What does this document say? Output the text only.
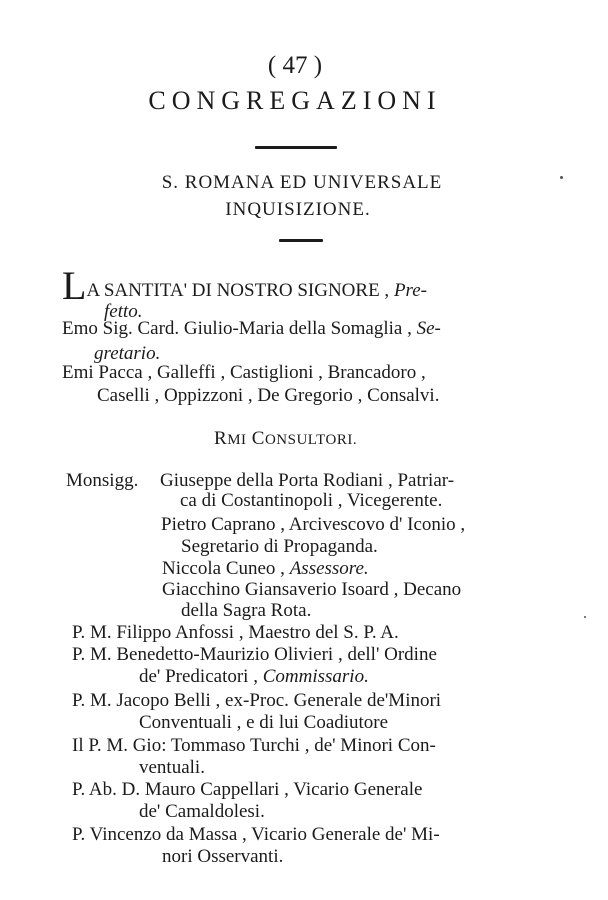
( 47 )
CONGREGAZIONI
S. ROMANA ED UNIVERSALE
INQUISIZIONE.
LA SANTITA' DI NOSTRO SIGNORE , Pre-
fetto.
Emo Sig. Card. Giulio-Maria della Somaglia , Se-
gretario.
Emi Pacca , Galleffi , Castiglioni , Brancadoro ,
Caselli , Oppizzoni , De Gregorio , Consalvi.
RMI CONSULTORI.
Monsigg. Giuseppe della Porta Rodiani , Patriar-
ca di Costantinopoli , Vicegerente.
Pietro Caprano , Arcivescovo d' Iconio ,
Segretario di Propaganda.
Niccola Cuneo , Assessore.
Giacchino Giansaverio Isoard , Decano
della Sagra Rota.
P. M. Filippo Anfossi , Maestro del S. P. A.
P. M. Benedetto-Maurizio Olivieri , dell' Ordine
de' Predicatori , Commissario.
P. M. Jacopo Belli , ex-Proc. Generale de'Minori
Conventuali , e di lui Coadiutore
Il P. M. Gio: Tommaso Turchi , de' Minori Con-
ventuali.
P. Ab. D. Mauro Cappellari , Vicario Generale
de' Camaldolesi.
P. Vincenzo da Massa , Vicario Generale de' Mi-
nori Osservanti.
